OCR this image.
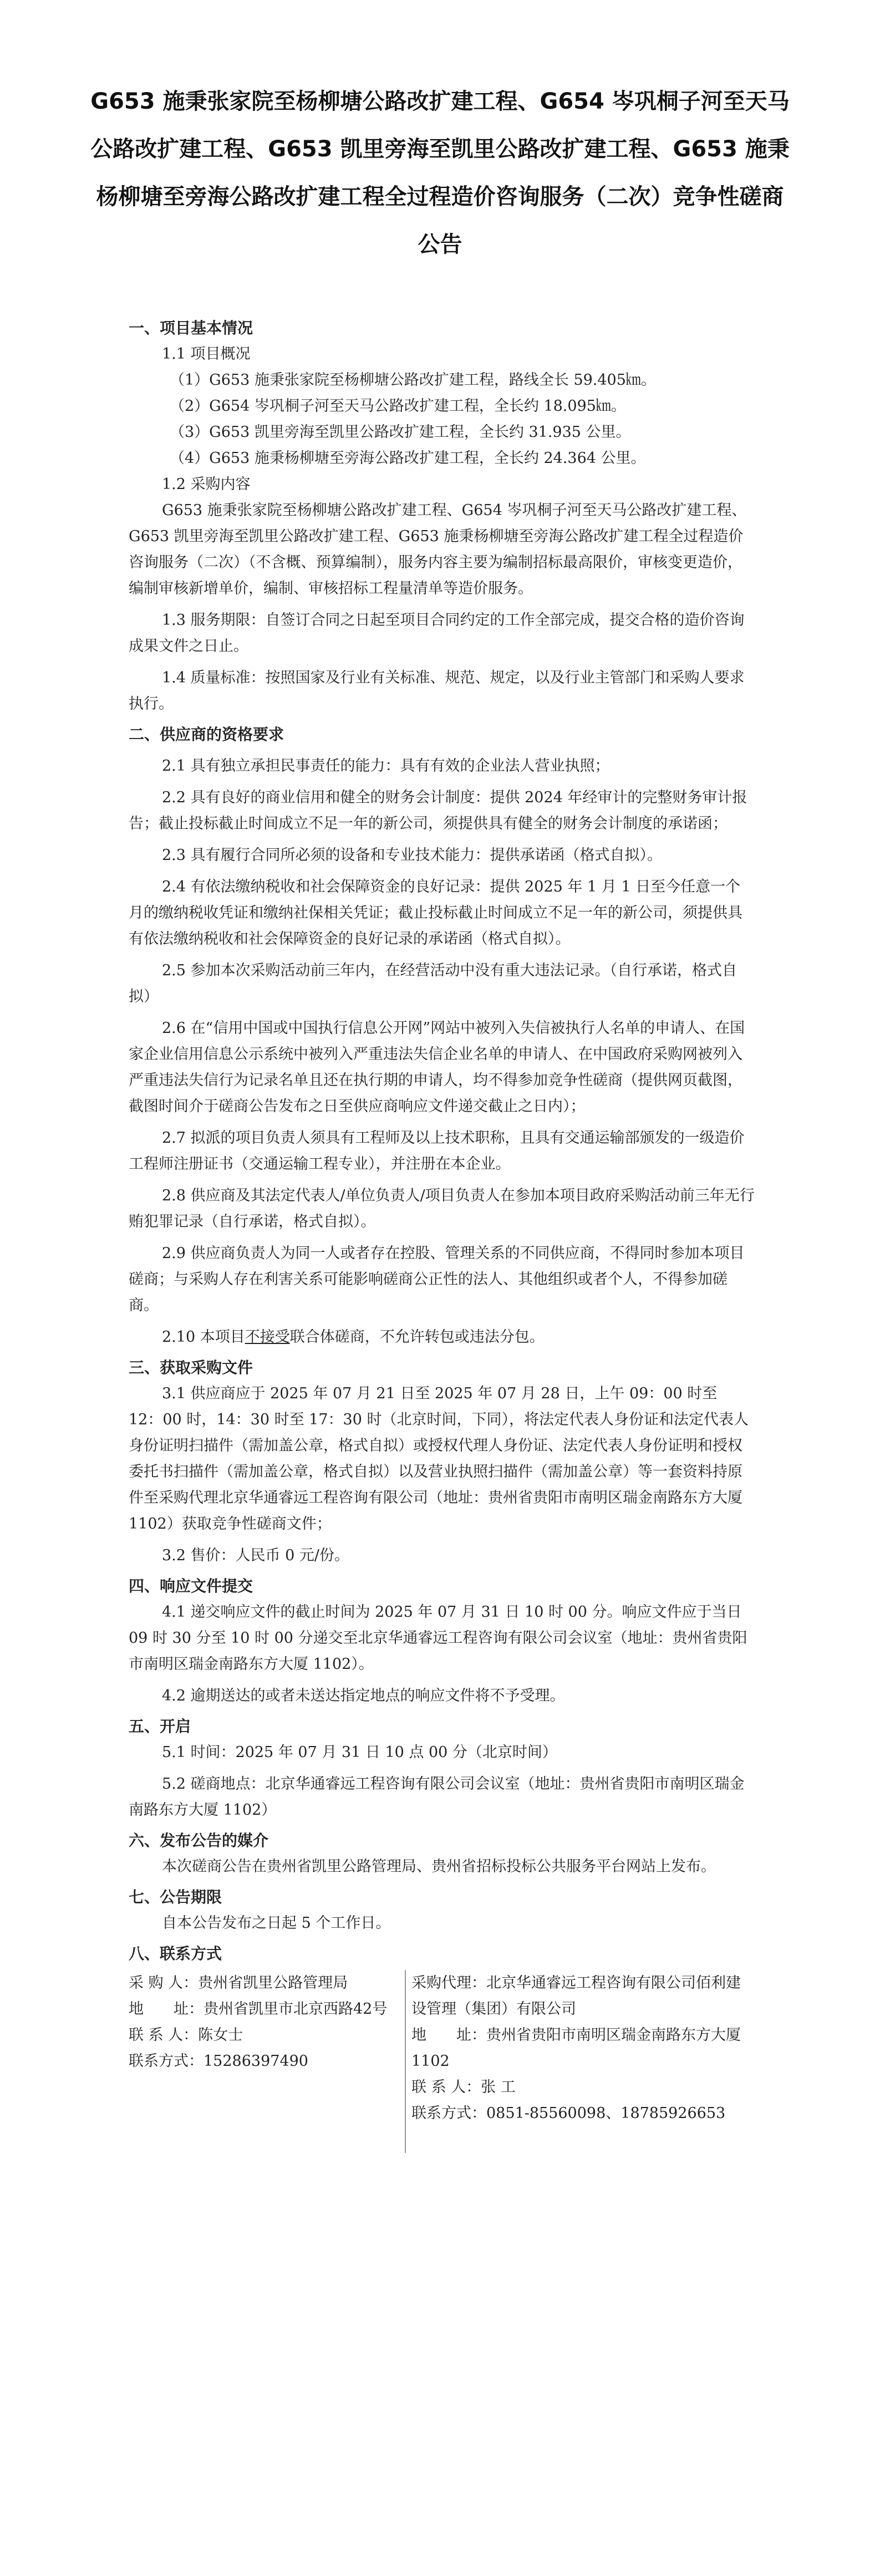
G653 施秉张家院至杨柳塘公路改扩建工程、G654 岑巩桐子河至天马公路改扩建工程、G653 凯里旁海至凯里公路改扩建工程、G653 施秉杨柳塘至旁海公路改扩建工程全过程造价咨询服务（二次）竞争性磋商公告

一、项目基本情况

1.1 项目概况

（1）G653 施秉张家院至杨柳塘公路改扩建工程，路线全长 59.405㎞。

（2）G654 岑巩桐子河至天马公路改扩建工程，全长约 18.095㎞。

（3）G653 凯里旁海至凯里公路改扩建工程，全长约 31.935 公里。

（4）G653 施秉杨柳塘至旁海公路改扩建工程，全长约 24.364 公里。

1.2 采购内容

G653 施秉张家院至杨柳塘公路改扩建工程、G654 岑巩桐子河至天马公路改扩建工程、G653 凯里旁海至凯里公路改扩建工程、G653 施秉杨柳塘至旁海公路改扩建工程全过程造价咨询服务（二次）（不含概、预算编制），服务内容主要为编制招标最高限价，审核变更造价，编制审核新增单价，编制、审核招标工程量清单等造价服务。

1.3 服务期限：自签订合同之日起至项目合同约定的工作全部完成，提交合格的造价咨询成果文件之日止。

1.4 质量标准：按照国家及行业有关标准、规范、规定，以及行业主管部门和采购人要求执行。

二、供应商的资格要求

2.1 具有独立承担民事责任的能力：具有有效的企业法人营业执照；

2.2 具有良好的商业信用和健全的财务会计制度：提供 2024 年经审计的完整财务审计报告；截止投标截止时间成立不足一年的新公司，须提供具有健全的财务会计制度的承诺函；

2.3 具有履行合同所必须的设备和专业技术能力：提供承诺函（格式自拟）。

2.4 有依法缴纳税收和社会保障资金的良好记录：提供 2025 年 1 月 1 日至今任意一个月的缴纳税收凭证和缴纳社保相关凭证；截止投标截止时间成立不足一年的新公司，须提供具有依法缴纳税收和社会保障资金的良好记录的承诺函（格式自拟）。

2.5 参加本次采购活动前三年内，在经营活动中没有重大违法记录。（自行承诺，格式自拟）

2.6 在“信用中国或中国执行信息公开网”网站中被列入失信被执行人名单的申请人、在国家企业信用信息公示系统中被列入严重违法失信企业名单的申请人、在中国政府采购网被列入严重违法失信行为记录名单且还在执行期的申请人，均不得参加竞争性磋商（提供网页截图，截图时间介于磋商公告发布之日至供应商响应文件递交截止之日内）；

2.7 拟派的项目负责人须具有工程师及以上技术职称，且具有交通运输部颁发的一级造价工程师注册证书（交通运输工程专业），并注册在本企业。

2.8 供应商及其法定代表人/单位负责人/项目负责人在参加本项目政府采购活动前三年无行贿犯罪记录（自行承诺，格式自拟）。

2.9 供应商负责人为同一人或者存在控股、管理关系的不同供应商，不得同时参加本项目磋商；与采购人存在利害关系可能影响磋商公正性的法人、其他组织或者个人，不得参加磋商。

2.10 本项目不接受联合体磋商，不允许转包或违法分包。

三、获取采购文件

3.1 供应商应于 2025 年 07 月 21 日至 2025 年 07 月 28 日，上午 09：00 时至 12：00 时，14：30 时至 17：30 时（北京时间，下同），将法定代表人身份证和法定代表人身份证明扫描件（需加盖公章，格式自拟）或授权代理人身份证、法定代表人身份证明和授权委托书扫描件（需加盖公章，格式自拟）以及营业执照扫描件（需加盖公章）等一套资料持原件至采购代理北京华通睿远工程咨询有限公司（地址：贵州省贵阳市南明区瑞金南路东方大厦 1102）获取竞争性磋商文件；

3.2 售价：人民币 0 元/份。

四、响应文件提交

4.1 递交响应文件的截止时间为 2025 年 07 月 31 日 10 时 00 分。响应文件应于当日 09 时 30 分至 10 时 00 分递交至北京华通睿远工程咨询有限公司会议室（地址：贵州省贵阳市南明区瑞金南路东方大厦 1102）。

4.2 逾期送达的或者未送达指定地点的响应文件将不予受理。

五、开启

5.1 时间：2025 年 07 月 31 日 10 点 00 分（北京时间）

5.2 磋商地点：北京华通睿远工程咨询有限公司会议室（地址：贵州省贵阳市南明区瑞金南路东方大厦 1102）

六、发布公告的媒介

本次磋商公告在贵州省凯里公路管理局、贵州省招标投标公共服务平台网站上发布。

七、公告期限

自本公告发布之日起 5 个工作日。

八、联系方式

采 购 人：贵州省凯里公路管理局

地　　址：贵州省凯里市北京西路42号

联 系 人：陈女士

联系方式：15286397490

采购代理：北京华通睿远工程咨询有限公司佰利建设管理（集团）有限公司

地　　址：贵州省贵阳市南明区瑞金南路东方大厦1102

联 系 人：张 工

联系方式：0851-85560098、18785926653
